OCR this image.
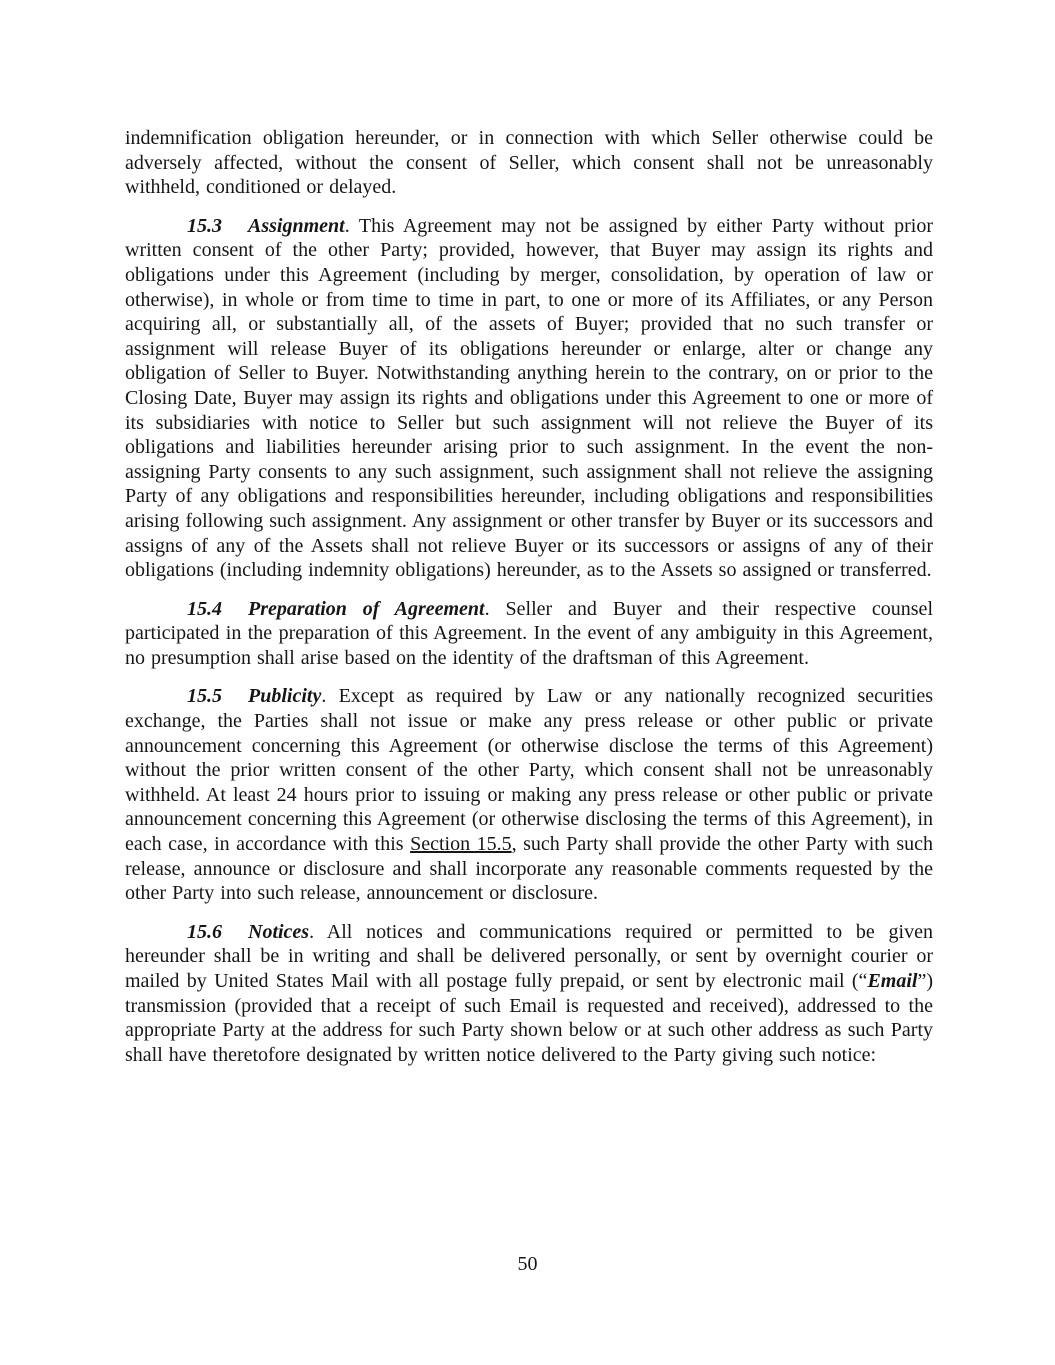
indemnification obligation hereunder, or in connection with which Seller otherwise could be adversely affected, without the consent of Seller, which consent shall not be unreasonably withheld, conditioned or delayed.

15.3 Assignment. This Agreement may not be assigned by either Party without prior written consent of the other Party; provided, however, that Buyer may assign its rights and obligations under this Agreement (including by merger, consolidation, by operation of law or otherwise), in whole or from time to time in part, to one or more of its Affiliates, or any Person acquiring all, or substantially all, of the assets of Buyer; provided that no such transfer or assignment will release Buyer of its obligations hereunder or enlarge, alter or change any obligation of Seller to Buyer. Notwithstanding anything herein to the contrary, on or prior to the Closing Date, Buyer may assign its rights and obligations under this Agreement to one or more of its subsidiaries with notice to Seller but such assignment will not relieve the Buyer of its obligations and liabilities hereunder arising prior to such assignment. In the event the non-assigning Party consents to any such assignment, such assignment shall not relieve the assigning Party of any obligations and responsibilities hereunder, including obligations and responsibilities arising following such assignment. Any assignment or other transfer by Buyer or its successors and assigns of any of the Assets shall not relieve Buyer or its successors or assigns of any of their obligations (including indemnity obligations) hereunder, as to the Assets so assigned or transferred.

15.4 Preparation of Agreement. Seller and Buyer and their respective counsel participated in the preparation of this Agreement. In the event of any ambiguity in this Agreement, no presumption shall arise based on the identity of the draftsman of this Agreement.

15.5 Publicity. Except as required by Law or any nationally recognized securities exchange, the Parties shall not issue or make any press release or other public or private announcement concerning this Agreement (or otherwise disclose the terms of this Agreement) without the prior written consent of the other Party, which consent shall not be unreasonably withheld. At least 24 hours prior to issuing or making any press release or other public or private announcement concerning this Agreement (or otherwise disclosing the terms of this Agreement), in each case, in accordance with this Section 15.5, such Party shall provide the other Party with such release, announce or disclosure and shall incorporate any reasonable comments requested by the other Party into such release, announcement or disclosure.

15.6 Notices. All notices and communications required or permitted to be given hereunder shall be in writing and shall be delivered personally, or sent by overnight courier or mailed by United States Mail with all postage fully prepaid, or sent by electronic mail (“Email”) transmission (provided that a receipt of such Email is requested and received), addressed to the appropriate Party at the address for such Party shown below or at such other address as such Party shall have theretofore designated by written notice delivered to the Party giving such notice:

50
